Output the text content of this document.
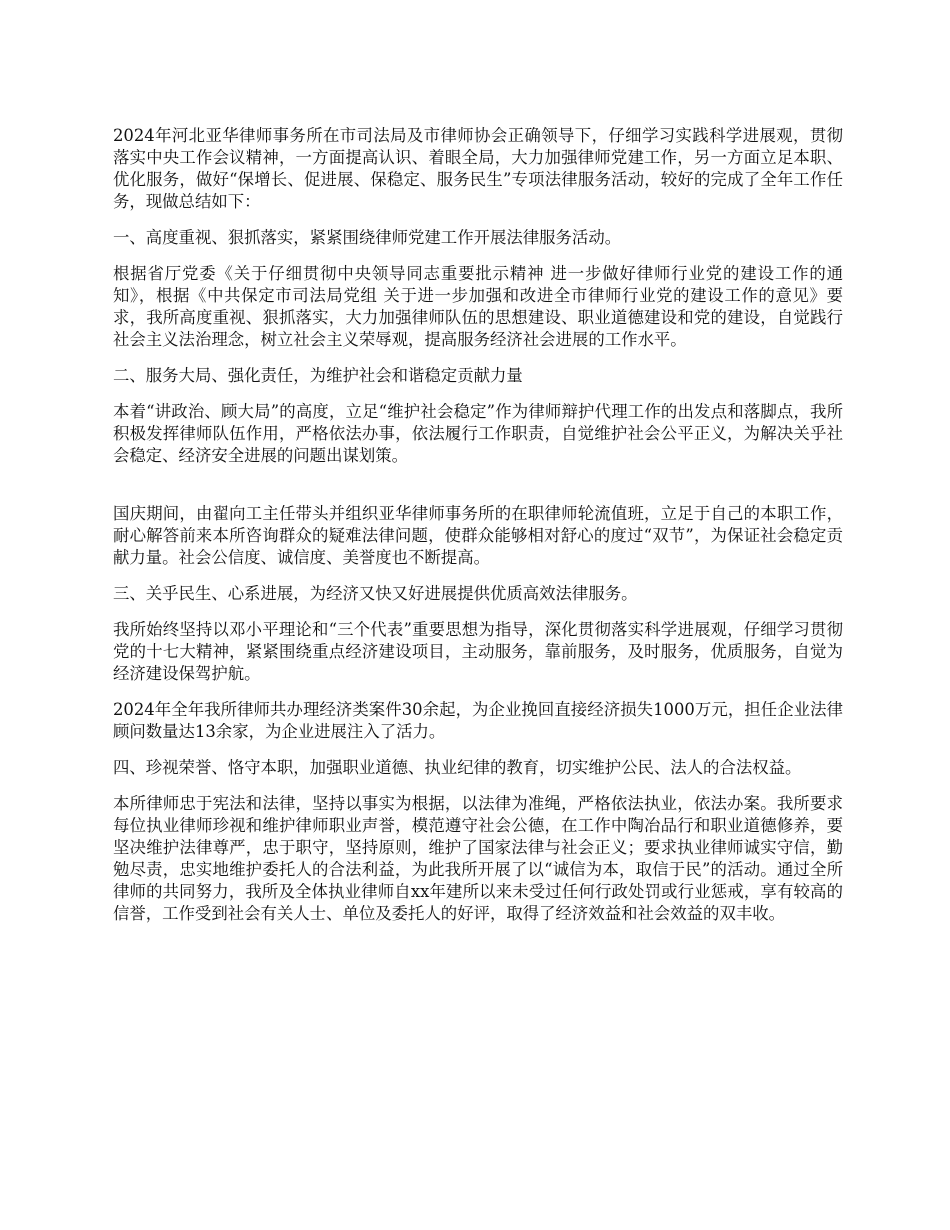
2024年河北亚华律师事务所在市司法局及市律师协会正确领导下，仔细学习实践科学进展观，贯彻落实中央工作会议精神，一方面提高认识、着眼全局，大力加强律师党建工作，另一方面立足本职、优化服务，做好“保增长、促进展、保稳定、服务民生”专项法律服务活动，较好的完成了全年工作任务，现做总结如下：

一、高度重视、狠抓落实，紧紧围绕律师党建工作开展法律服务活动。

根据省厅党委《关于仔细贯彻中央领导同志重要批示精神 进一步做好律师行业党的建设工作的通知》，根据《中共保定市司法局党组 关于进一步加强和改进全市律师行业党的建设工作的意见》要求，我所高度重视、狠抓落实，大力加强律师队伍的思想建设、职业道德建设和党的建设，自觉践行社会主义法治理念，树立社会主义荣辱观，提高服务经济社会进展的工作水平。

二、服务大局、强化责任，为维护社会和谐稳定贡献力量

本着“讲政治、顾大局”的高度，立足“维护社会稳定”作为律师辩护代理工作的出发点和落脚点，我所积极发挥律师队伍作用，严格依法办事，依法履行工作职责，自觉维护社会公平正义，为解决关乎社会稳定、经济安全进展的问题出谋划策。

国庆期间，由翟向工主任带头并组织亚华律师事务所的在职律师轮流值班，立足于自己的本职工作，耐心解答前来本所咨询群众的疑难法律问题，使群众能够相对舒心的度过“双节”，为保证社会稳定贡献力量。社会公信度、诚信度、美誉度也不断提高。

三、关乎民生、心系进展，为经济又快又好进展提供优质高效法律服务。

我所始终坚持以邓小平理论和“三个代表”重要思想为指导，深化贯彻落实科学进展观，仔细学习贯彻党的十七大精神，紧紧围绕重点经济建设项目，主动服务，靠前服务，及时服务，优质服务，自觉为经济建设保驾护航。

2024年全年我所律师共办理经济类案件30余起，为企业挽回直接经济损失1000万元，担任企业法律顾问数量达13余家，为企业进展注入了活力。

四、珍视荣誉、恪守本职，加强职业道德、执业纪律的教育，切实维护公民、法人的合法权益。

本所律师忠于宪法和法律，坚持以事实为根据，以法律为准绳，严格依法执业，依法办案。我所要求每位执业律师珍视和维护律师职业声誉，模范遵守社会公德，在工作中陶冶品行和职业道德修养，要坚决维护法律尊严，忠于职守，坚持原则，维护了国家法律与社会正义；要求执业律师诚实守信，勤勉尽责，忠实地维护委托人的合法利益，为此我所开展了以“诚信为本，取信于民”的活动。通过全所律师的共同努力，我所及全体执业律师自xx年建所以来未受过任何行政处罚或行业惩戒，享有较高的信誉，工作受到社会有关人士、单位及委托人的好评，取得了经济效益和社会效益的双丰收。
